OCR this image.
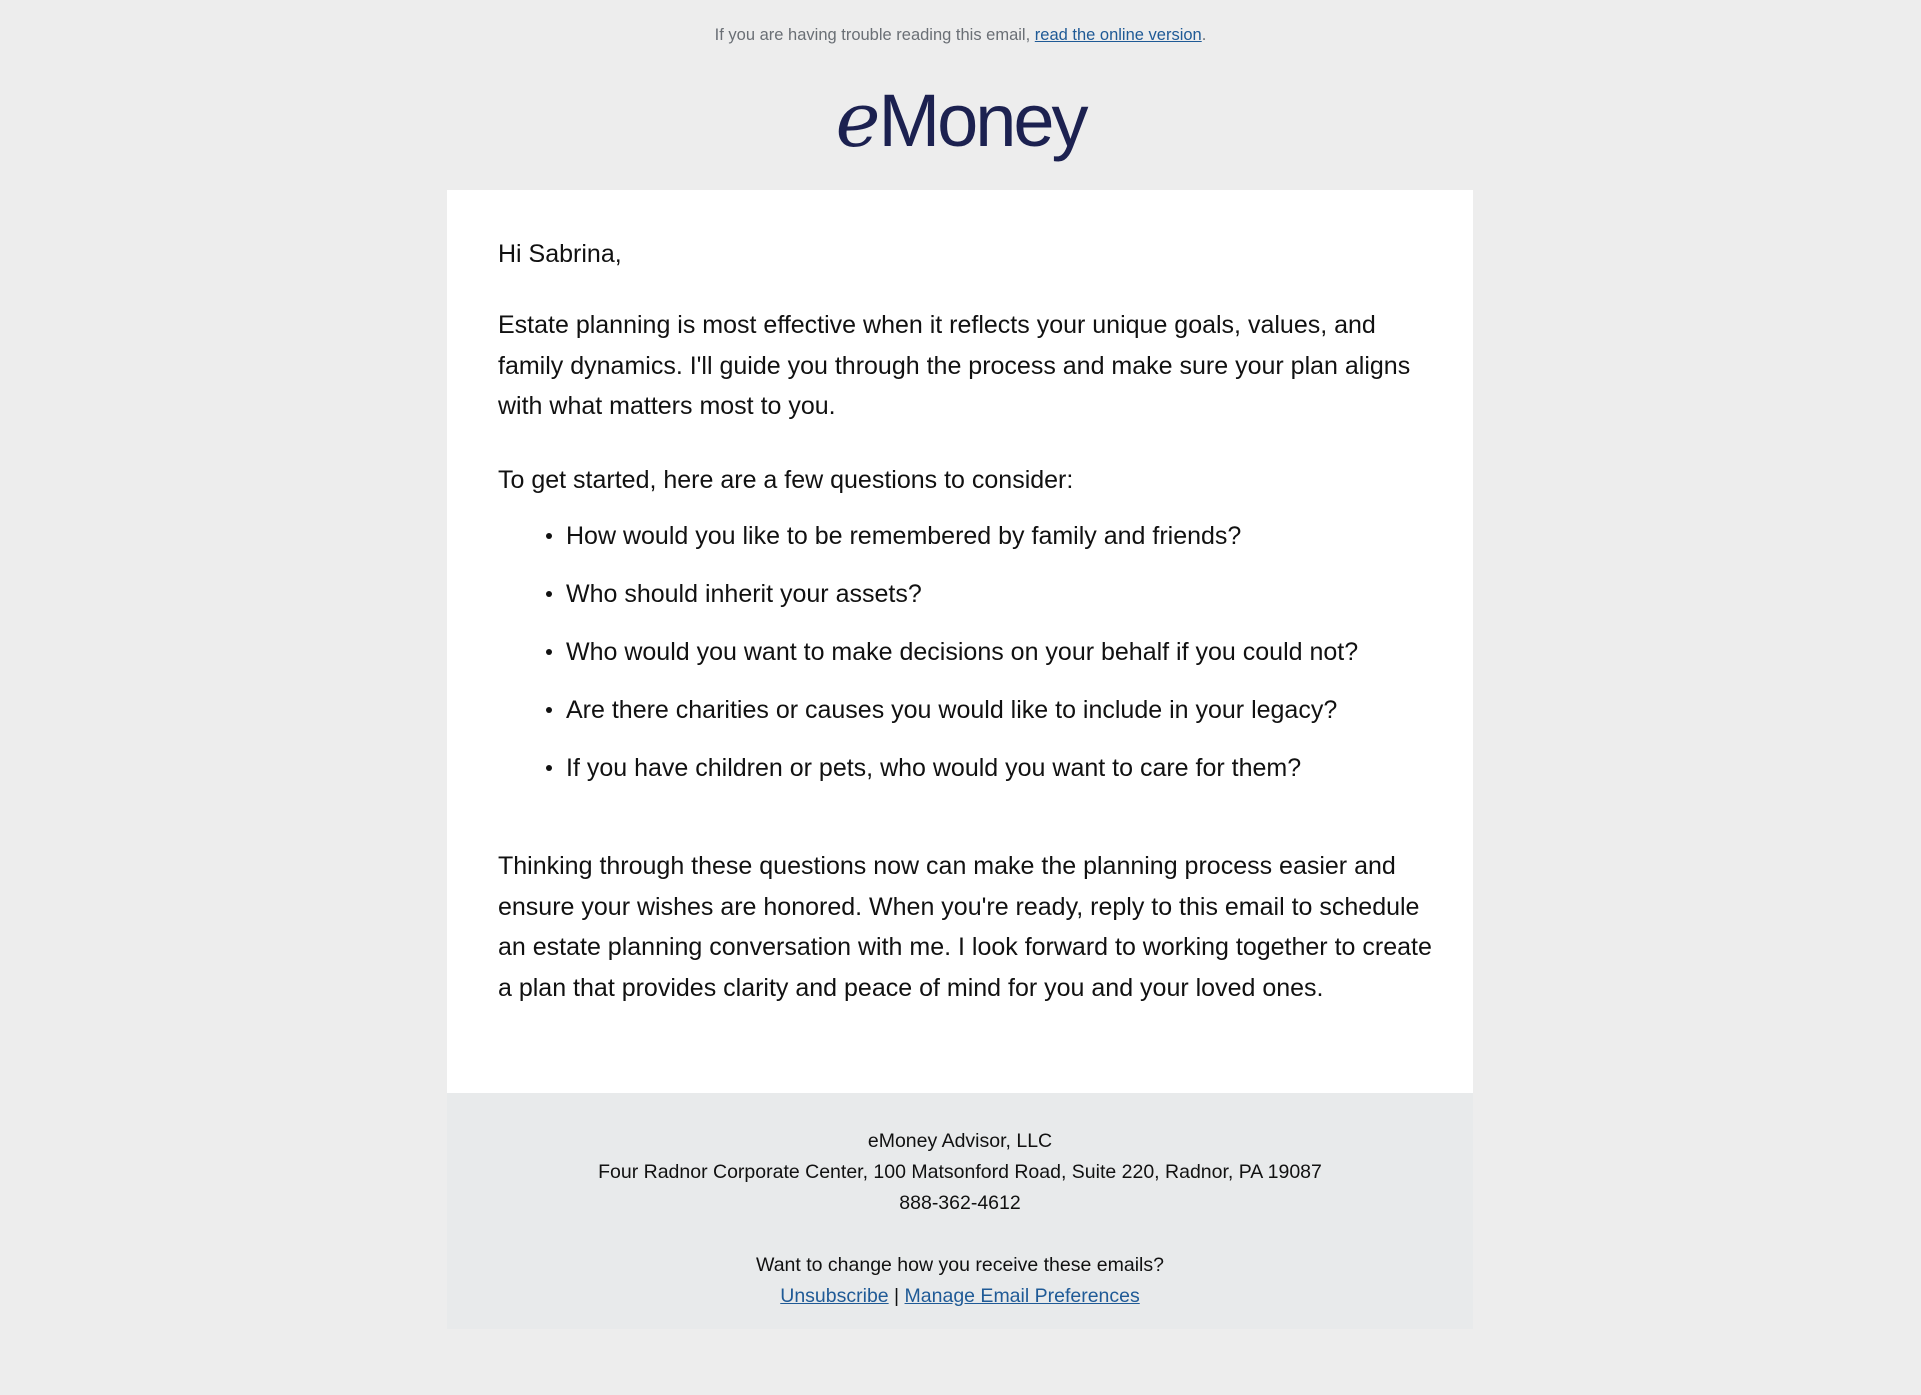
If you are having trouble reading this email, read the online version.
eMoney

Hi Sabrina,

Estate planning is most effective when it reflects your unique goals, values, and family dynamics. I'll guide you through the process and make sure your plan aligns with what matters most to you.

To get started, here are a few questions to consider:

How would you like to be remembered by family and friends?
Who should inherit your assets?
Who would you want to make decisions on your behalf if you could not?
Are there charities or causes you would like to include in your legacy?
If you have children or pets, who would you want to care for them?

Thinking through these questions now can make the planning process easier and ensure your wishes are honored. When you're ready, reply to this email to schedule an estate planning conversation with me. I look forward to working together to create a plan that provides clarity and peace of mind for you and your loved ones.

eMoney Advisor, LLC
Four Radnor Corporate Center, 100 Matsonford Road, Suite 220, Radnor, PA 19087
888-362-4612
Want to change how you receive these emails?
Unsubscribe | Manage Email Preferences
